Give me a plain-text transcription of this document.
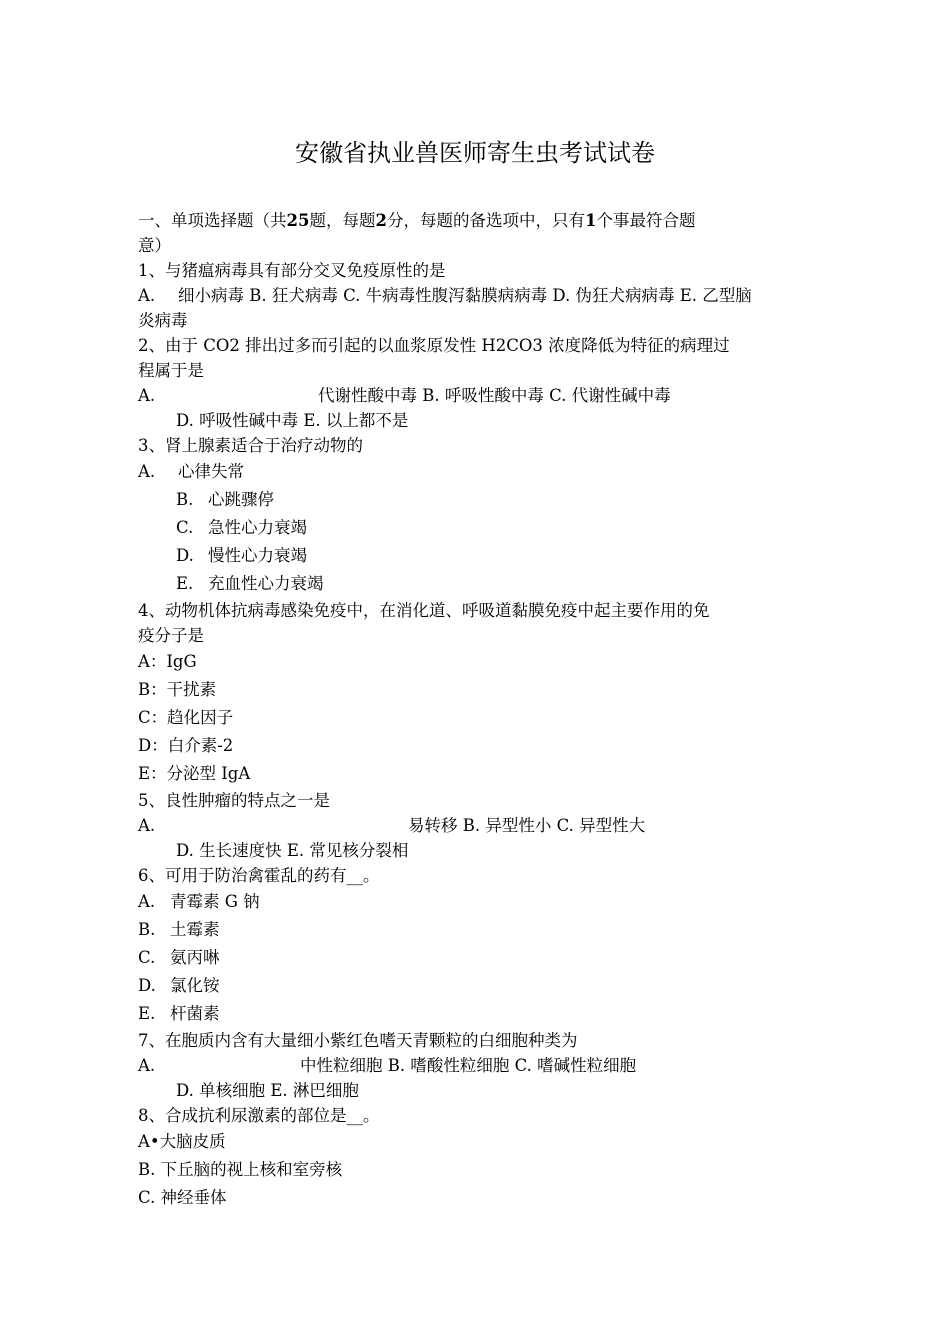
安徽省执业兽医师寄生虫考试试卷
一、单项选择题（共25题，每题2分，每题的备选项中，只有1个事最符合题
意）
1、与猪瘟病毒具有部分交叉免疫原性的是
A. 细小病毒 B. 狂犬病毒 C. 牛病毒性腹泻黏膜病病毒 D. 伪狂犬病病毒 E. 乙型脑
炎病毒
2、由于 CO2 排出过多而引起的以血浆原发性 H2CO3 浓度降低为特征的病理过
程属于是
A.	代谢性酸中毒 B. 呼吸性酸中毒 C. 代谢性碱中毒
D. 呼吸性碱中毒 E. 以上都不是
3、肾上腺素适合于治疗动物的
A. 心律失常
B. 心跳骤停
C. 急性心力衰竭
D. 慢性心力衰竭
E. 充血性心力衰竭
4、动物机体抗病毒感染免疫中，在消化道、呼吸道黏膜免疫中起主要作用的免
疫分子是
A：IgG
B：干扰素
C：趋化因子
D：白介素-2
E：分泌型 IgA
5、良性肿瘤的特点之一是
A.	易转移 B. 异型性小 C. 异型性大
D. 生长速度快 E. 常见核分裂相
6、可用于防治禽霍乱的药有__。
A. 青霉素 G 钠
B. 土霉素
C. 氨丙啉
D. 氯化铵
E. 杆菌素
7、在胞质内含有大量细小紫红色嗜天青颗粒的白细胞种类为
A.	中性粒细胞 B. 嗜酸性粒细胞 C. 嗜碱性粒细胞
D. 单核细胞 E. 淋巴细胞
8、合成抗利尿激素的部位是__。
A•大脑皮质
B. 下丘脑的视上核和室旁核
C. 神经垂体
